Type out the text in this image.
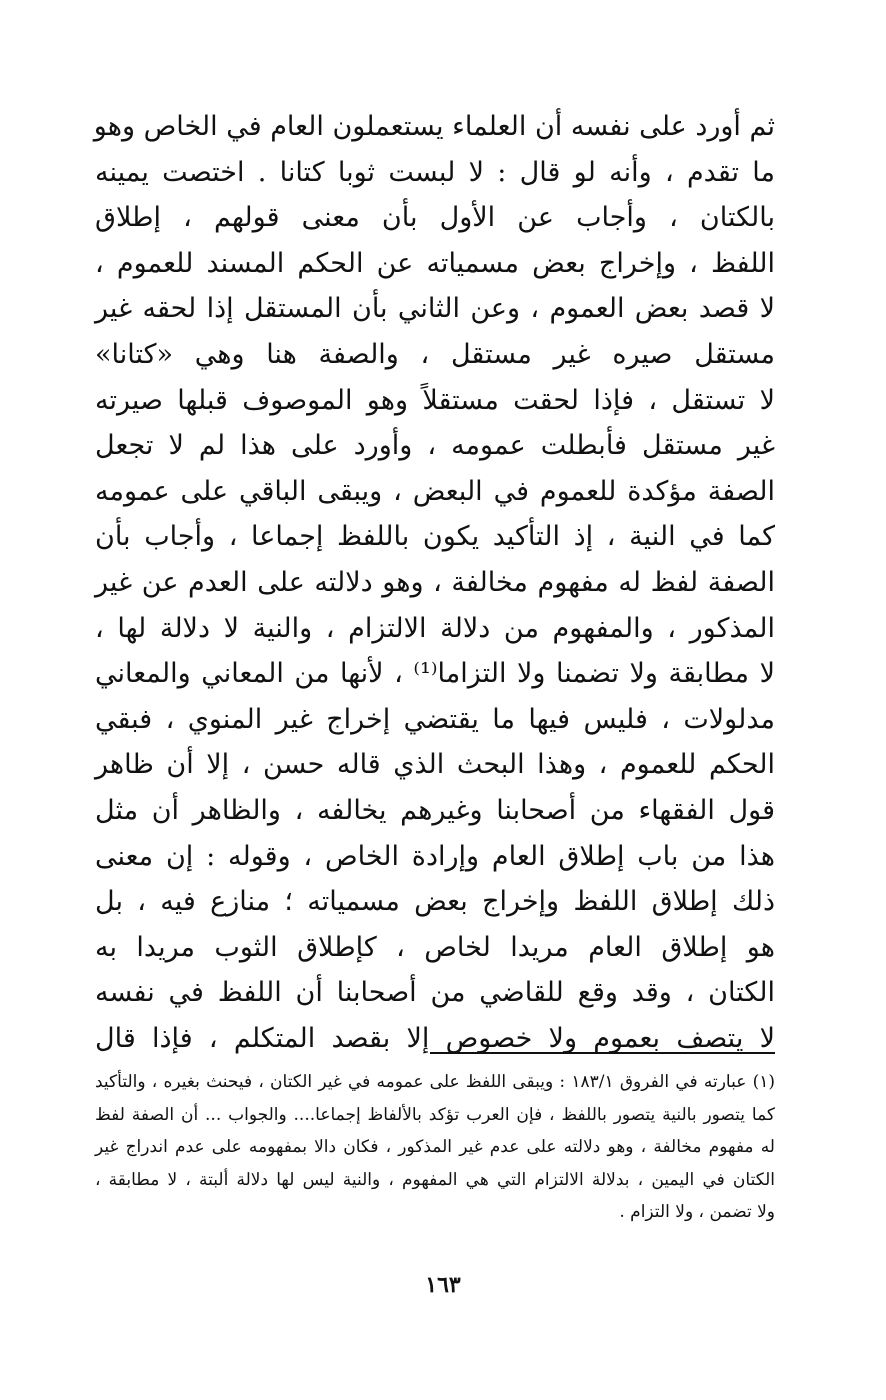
ثم أورد على نفسه أن العلماء يستعملون العام في الخاص وهو
ما تقدم ، وأنه لو قال : لا لبست ثوبا كتانا . اختصت يمينه
بالكتان ، وأجاب عن الأول بأن معنى قولهم ، إطلاق
اللفظ ، وإخراج بعض مسمياته عن الحكم المسند للعموم ،
لا قصد بعض العموم ، وعن الثاني بأن المستقل إذا لحقه غير
مستقل صيره غير مستقل ، والصفة هنا وهي «كتانا»
لا تستقل ، فإذا لحقت مستقلاً وهو الموصوف قبلها صيرته
غير مستقل فأبطلت عمومه ، وأورد على هذا لم لا تجعل
الصفة مؤكدة للعموم في البعض ، ويبقى الباقي على عمومه
كما في النية ، إذ التأكيد يكون باللفظ إجماعا ، وأجاب بأن
الصفة لفظ له مفهوم مخالفة ، وهو دلالته على العدم عن غير
المذكور ، والمفهوم من دلالة الالتزام ، والنية لا دلالة لها ،
لا مطابقة ولا تضمنا ولا التزاما⁽¹⁾ ، لأنها من المعاني والمعاني
مدلولات ، فليس فيها ما يقتضي إخراج غير المنوي ، فبقي
الحكم للعموم ، وهذا البحث الذي قاله حسن ، إلا أن ظاهر
قول الفقهاء من أصحابنا وغيرهم يخالفه ، والظاهر أن مثل
هذا من باب إطلاق العام وإرادة الخاص ، وقوله : إن معنى
ذلك إطلاق اللفظ وإخراج بعض مسمياته ؛ منازع فيه ، بل
هو إطلاق العام مريدا لخاص ، كإطلاق الثوب مريدا به
الكتان ، وقد وقع للقاضي من أصحابنا أن اللفظ في نفسه
لا يتصف بعموم ولا خصوص إلا بقصد المتكلم ، فإذا قال
(١) عبارته في الفروق ١٨٣/١ : ويبقى اللفظ على عمومه في غير الكتان ، فيحنث بغيره ، والتأكيد
كما يتصور بالنية يتصور باللفظ ، فإن العرب تؤكد بالألفاظ إجماعا.... والجواب ... أن الصفة لفظ
له مفهوم مخالفة ، وهو دلالته على عدم غير المذكور ، فكان دالا بمفهومه على عدم اندراج غير
الكتان في اليمين ، بدلالة الالتزام التي هي المفهوم ، والنية ليس لها دلالة ألبتة ، لا مطابقة ،
ولا تضمن ، ولا التزام .
١٦٣
